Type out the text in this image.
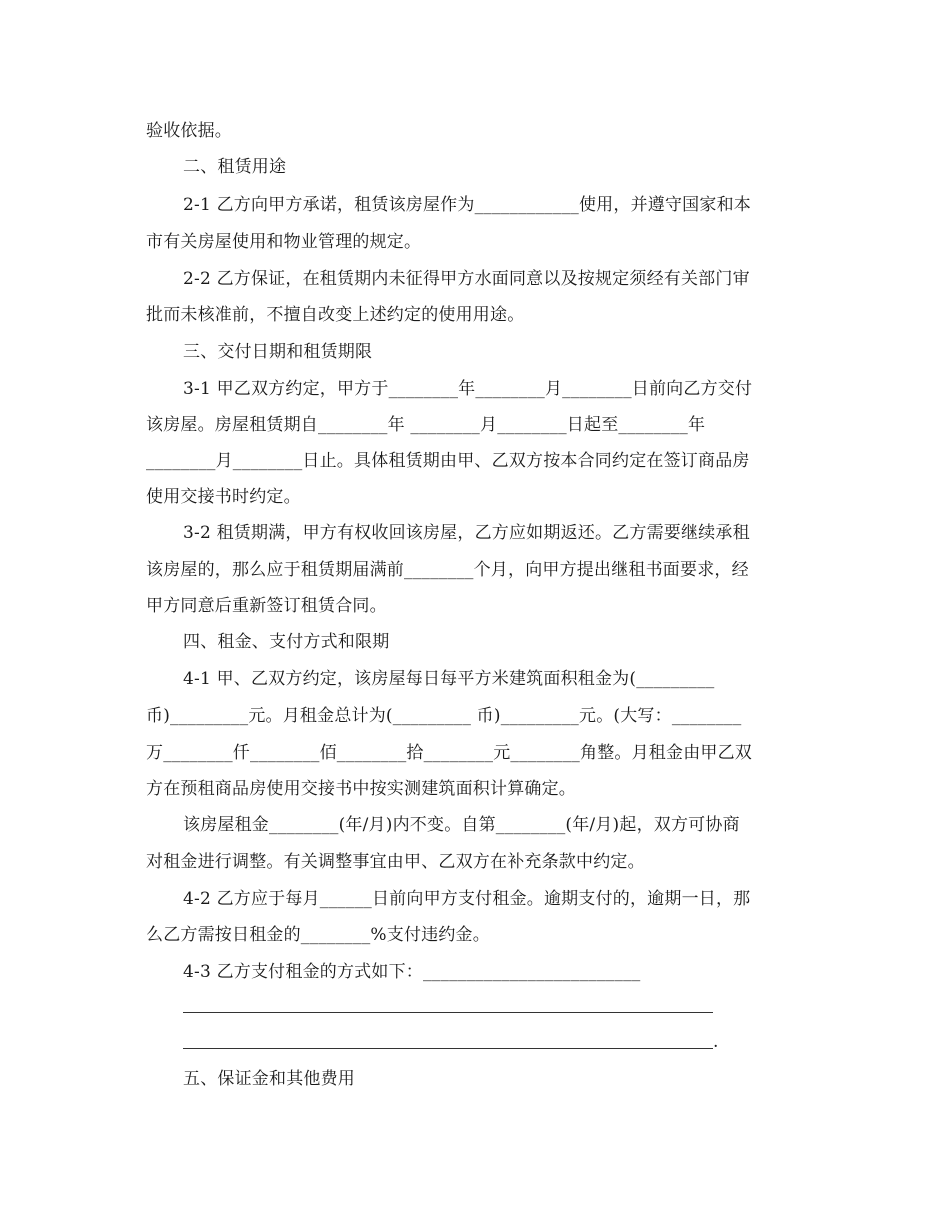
验收依据。
二、租赁用途
2-1 乙方向甲方承诺，租赁该房屋作为____________使用，并遵守国家和本
市有关房屋使用和物业管理的规定。
2-2 乙方保证，在租赁期内未征得甲方水面同意以及按规定须经有关部门审
批而未核准前，不擅自改变上述约定的使用用途。
三、交付日期和租赁期限
3-1 甲乙双方约定，甲方于________年________月________日前向乙方交付
该房屋。房屋租赁期自________年 ________月________日起至________年
________月________日止。具体租赁期由甲、乙双方按本合同约定在签订商品房
使用交接书时约定。
3-2 租赁期满，甲方有权收回该房屋，乙方应如期返还。乙方需要继续承租
该房屋的，那么应于租赁期届满前________个月，向甲方提出继租书面要求，经
甲方同意后重新签订租赁合同。
四、租金、支付方式和限期
4-1 甲、乙双方约定，该房屋每日每平方米建筑面积租金为(_________
币)_________元。月租金总计为(_________ 币)_________元。(大写：________
万________仟________佰________拾________元________角整。月租金由甲乙双
方在预租商品房使用交接书中按实测建筑面积计算确定。
该房屋租金________(年/月)内不变。自第________(年/月)起，双方可协商
对租金进行调整。有关调整事宜由甲、乙双方在补充条款中约定。
4-2 乙方应于每月______日前向甲方支付租金。逾期支付的，逾期一日，那
么乙方需按日租金的________%支付违约金。
4-3 乙方支付租金的方式如下：_________________________
.
五、保证金和其他费用
